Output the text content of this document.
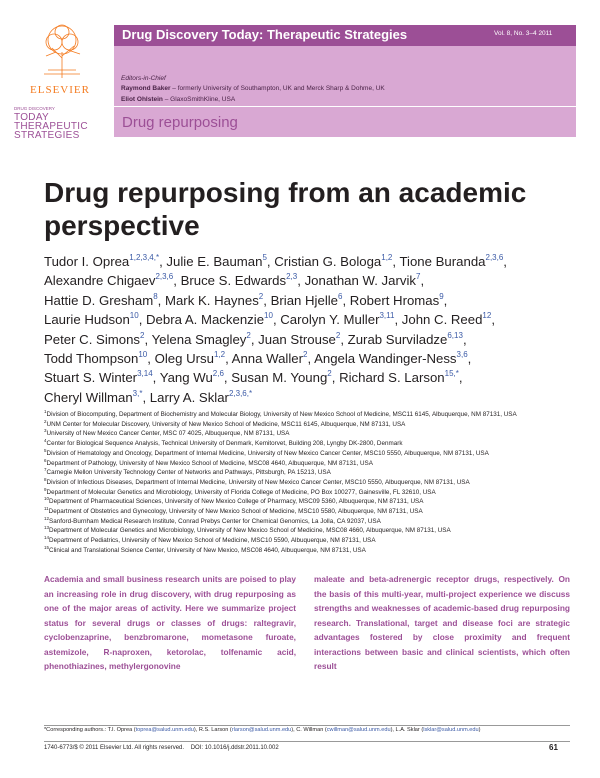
ELSEVIER
DRUG DISCOVERY
TODAY
THERAPEUTIC
STRATEGIES
Drug Discovery Today: Therapeutic Strategies	Vol. 8, No. 3–4 2011
Editors-in-Chief
Raymond Baker – formerly University of Southampton, UK and Merck Sharp & Dohme, UK
Eliot Ohlstein – GlaxoSmithKline, USA
Drug repurposing
Drug repurposing from an academic
perspective
Tudor I. Oprea$^{1,2,3,4,*}$, Julie E. Bauman$^5$, Cristian G. Bologa$^{1,2}$, Tione Buranda$^{2,3,6}$,
Alexandre Chigaev$^{2,3,6}$, Bruce S. Edwards$^{2,3}$, Jonathan W. Jarvik$^7$,
Hattie D. Gresham$^8$, Mark K. Haynes$^2$, Brian Hjelle$^6$, Robert Hromas$^9$,
Laurie Hudson$^{10}$, Debra A. Mackenzie$^{10}$, Carolyn Y. Muller$^{3,11}$, John C. Reed$^{12}$,
Peter C. Simons$^2$, Yelena Smagley$^2$, Juan Strouse$^2$, Zurab Surviladze$^{6,13}$,
Todd Thompson$^{10}$, Oleg Ursu$^{1,2}$, Anna Waller$^2$, Angela Wandinger-Ness$^{3,6}$,
Stuart S. Winter$^{3,14}$, Yang Wu$^{2,6}$, Susan M. Young$^2$, Richard S. Larson$^{15,*}$,
Cheryl Willman$^{3,*}$, Larry A. Sklar$^{2,3,6,*}$
$^1$Division of Biocomputing, Department of Biochemistry and Molecular Biology, University of New Mexico School of Medicine, MSC11 6145, Albuquerque, NM 87131, USA
$^2$UNM Center for Molecular Discovery, University of New Mexico School of Medicine, MSC11 6145, Albuquerque, NM 87131, USA
$^3$University of New Mexico Cancer Center, MSC 07 4025, Albuquerque, NM 87131, USA
$^4$Center for Biological Sequence Analysis, Technical University of Denmark, Kemitorvet, Building 208, Lyngby DK-2800, Denmark
$^5$Division of Hematology and Oncology, Department of Internal Medicine, University of New Mexico Cancer Center, MSC10 5550, Albuquerque, NM 87131, USA
$^6$Department of Pathology, University of New Mexico School of Medicine, MSC08 4640, Albuquerque, NM 87131, USA
$^7$Carnegie Mellon University Technology Center of Networks and Pathways, Pittsburgh, PA 15213, USA
$^8$Division of Infectious Diseases, Department of Internal Medicine, University of New Mexico Cancer Center, MSC10 5550, Albuquerque, NM 87131, USA
$^9$Department of Molecular Genetics and Microbiology, University of Florida College of Medicine, PO Box 100277, Gainesville, FL 32610, USA
$^{10}$Department of Pharmaceutical Sciences, University of New Mexico College of Pharmacy, MSC09 5360, Albuquerque, NM 87131, USA
$^{11}$Department of Obstetrics and Gynecology, University of New Mexico School of Medicine, MSC10 5580, Albuquerque, NM 87131, USA
$^{12}$Sanford-Burnham Medical Research Institute, Conrad Prebys Center for Chemical Genomics, La Jolla, CA 92037, USA
$^{13}$Department of Molecular Genetics and Microbiology, University of New Mexico School of Medicine, MSC08 4660, Albuquerque, NM 87131, USA
$^{14}$Department of Pediatrics, University of New Mexico School of Medicine, MSC10 5590, Albuquerque, NM 87131, USA
$^{15}$Clinical and Translational Science Center, University of New Mexico, MSC08 4640, Albuquerque, NM 87131, USA
Academia and small business research units are poised to play an increasing role in drug discovery, with drug repurposing as one of the major areas of activity. Here we summarize project status for several drugs or classes of drugs: raltegravir, cyclobenzaprine, benzbromarone, mometasone furoate, astemizole, R-naproxen, ketorolac, tolfenamic acid, phenothiazines, methylergonovine
maleate and beta-adrenergic receptor drugs, respectively. On the basis of this multi-year, multi-project experience we discuss strengths and weaknesses of academic-based drug repurposing research. Translational, target and disease foci are strategic advantages fostered by close proximity and frequent interactions between basic and clinical scientists, which often result
*Corresponding authors.: T.I. Oprea (toprea@salud.unm.edu), R.S. Larson (rlarson@salud.unm.edu), C. Willman (cwillman@salud.unm.edu), L.A. Sklar (lsklar@salud.unm.edu)
1740-6773/$ © 2011 Elsevier Ltd. All rights reserved.    DOI: 10.1016/j.ddstr.2011.10.002	61
